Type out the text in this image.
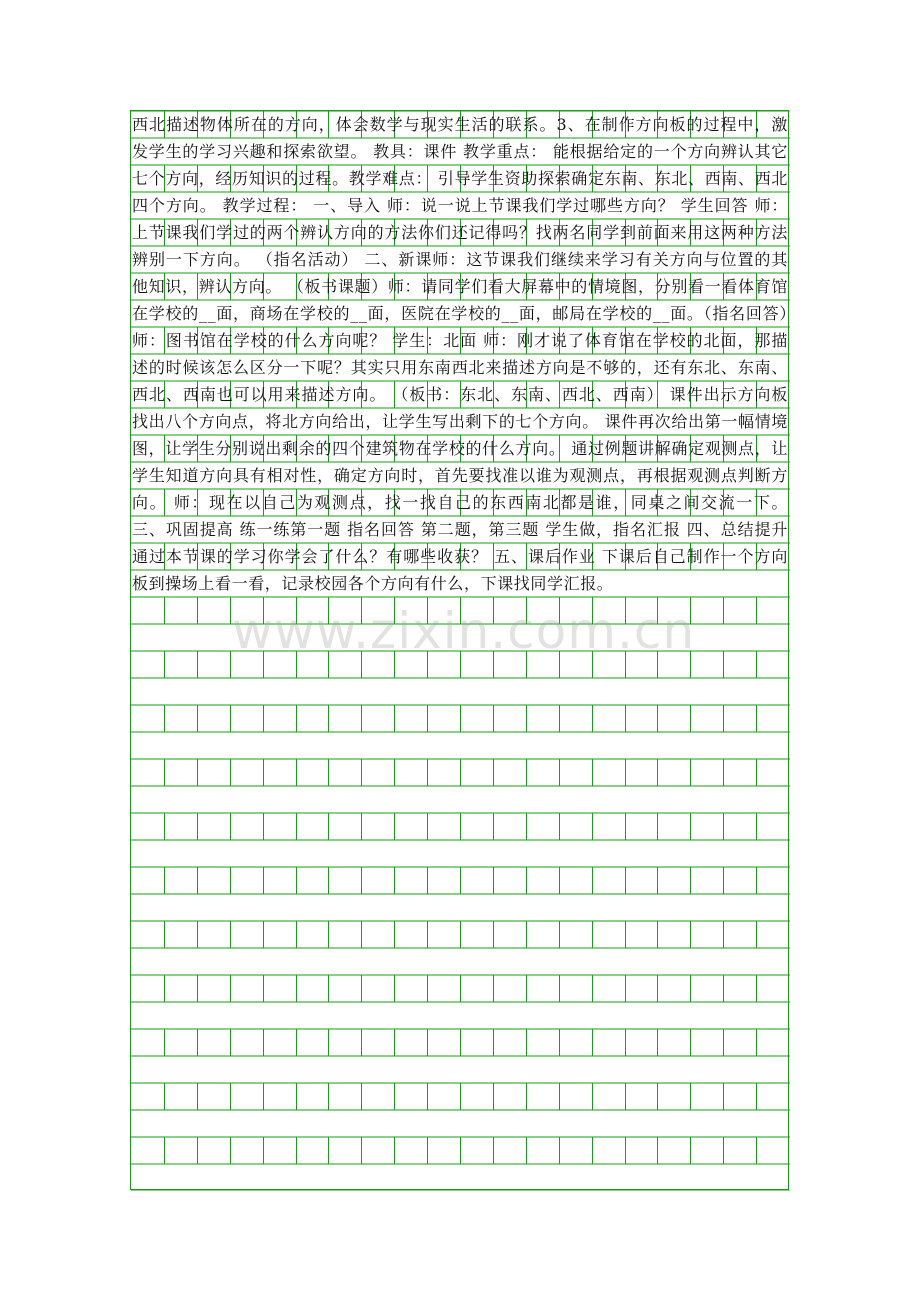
西北描述物体所在的方向，体会数学与现实生活的联系。3、在制作方向板的过程中，激发学生的学习兴趣和探索欲望。 教具：课件 教学重点： 能根据给定的一个方向辨认其它七个方向，经历知识的过程。教学难点： 引导学生资助探索确定东南、东北、西南、西北四个方向。 教学过程： 一、导入 师：说一说上节课我们学过哪些方向？ 学生回答 师：上节课我们学过的两个辨认方向的方法你们还记得吗？找两名同学到前面来用这两种方法辨别一下方向。 （指名活动） 二、新课师：这节课我们继续来学习有关方向与位置的其他知识，辨认方向。 （板书课题）师：请同学们看大屏幕中的情境图，分别看一看体育馆在学校的__面，商场在学校的__面，医院在学校的__面，邮局在学校的__面。（指名回答）师：图书馆在学校的什么方向呢？ 学生：北面 师：刚才说了体育馆在学校的北面，那描述的时候该怎么区分一下呢？其实只用东南西北来描述方向是不够的，还有东北、东南、西北、西南也可以用来描述方向。 （板书：东北、东南、西北、西南） 课件出示方向板 找出八个方向点，将北方向给出，让学生写出剩下的七个方向。 课件再次给出第一幅情境图，让学生分别说出剩余的四个建筑物在学校的什么方向。 通过例题讲解确定观测点，让学生知道方向具有相对性，确定方向时，首先要找准以谁为观测点，再根据观测点判断方向。 师：现在以自己为观测点，找一找自己的东西南北都是谁，同桌之间交流一下。 三、巩固提高 练一练第一题 指名回答 第二题，第三题 学生做，指名汇报 四、总结提升 通过本节课的学习你学会了什么？有哪些收获？ 五、课后作业 下课后自己制作一个方向板到操场上看一看，记录校园各个方向有什么，下课找同学汇报。

www.zixin.com.cn
